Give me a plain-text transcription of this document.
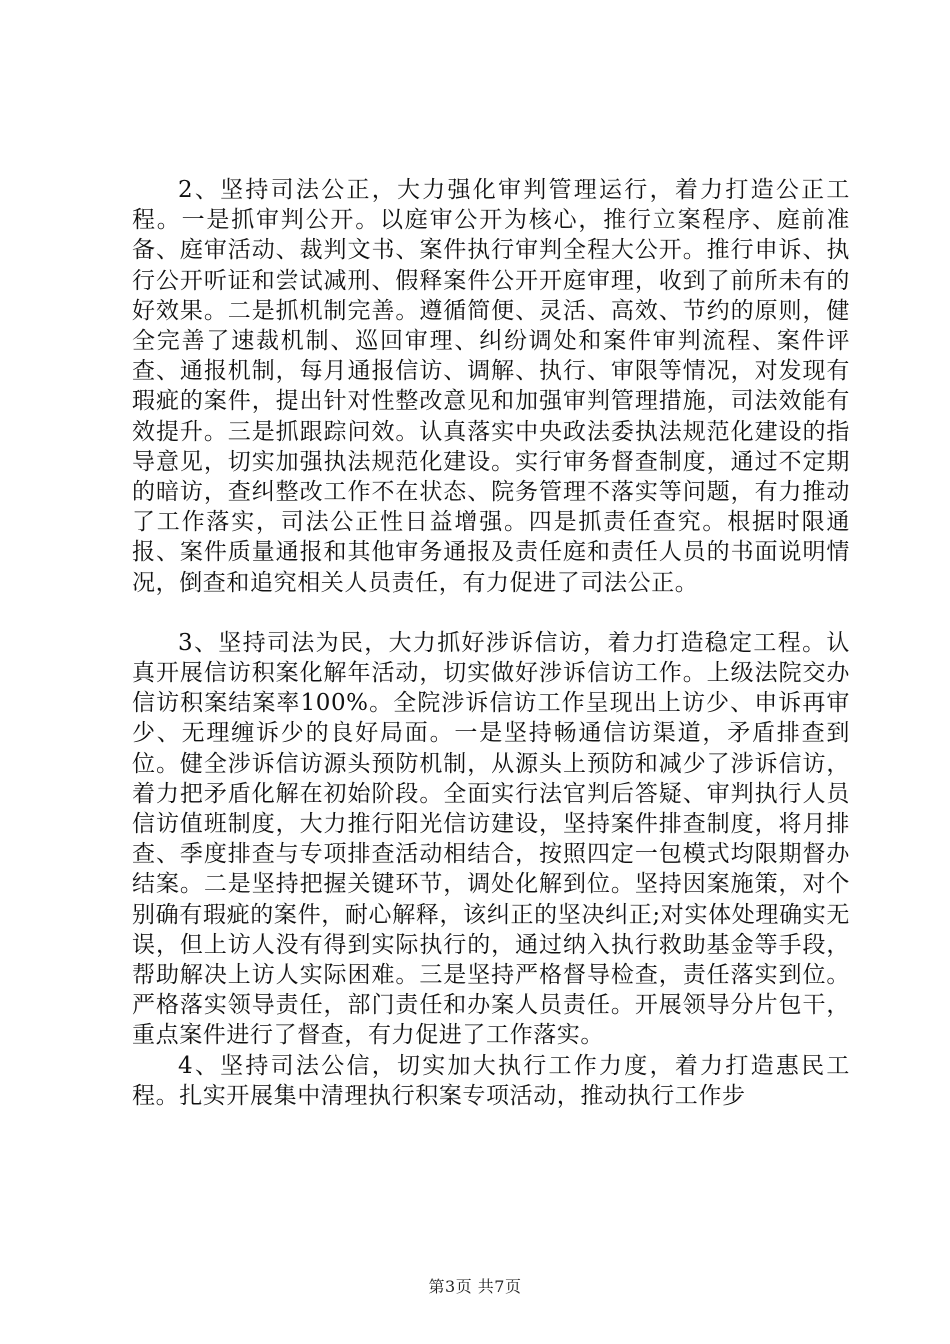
2、坚持司法公正，大力强化审判管理运行，着力打造公正工程。一是抓审判公开。以庭审公开为核心，推行立案程序、庭前准备、庭审活动、裁判文书、案件执行审判全程大公开。推行申诉、执行公开听证和尝试减刑、假释案件公开开庭审理，收到了前所未有的好效果。二是抓机制完善。遵循简便、灵活、高效、节约的原则，健全完善了速裁机制、巡回审理、纠纷调处和案件审判流程、案件评查、通报机制，每月通报信访、调解、执行、审限等情况，对发现有瑕疵的案件，提出针对性整改意见和加强审判管理措施，司法效能有效提升。三是抓跟踪问效。认真落实中央政法委执法规范化建设的指导意见，切实加强执法规范化建设。实行审务督查制度，通过不定期的暗访，查纠整改工作不在状态、院务管理不落实等问题，有力推动了工作落实，司法公正性日益增强。四是抓责任查究。根据时限通报、案件质量通报和其他审务通报及责任庭和责任人员的书面说明情况，倒查和追究相关人员责任，有力促进了司法公正。

3、坚持司法为民，大力抓好涉诉信访，着力打造稳定工程。认真开展信访积案化解年活动，切实做好涉诉信访工作。上级法院交办信访积案结案率100%。全院涉诉信访工作呈现出上访少、申诉再审少、无理缠诉少的良好局面。一是坚持畅通信访渠道，矛盾排查到位。健全涉诉信访源头预防机制，从源头上预防和减少了涉诉信访，着力把矛盾化解在初始阶段。全面实行法官判后答疑、审判执行人员信访值班制度，大力推行阳光信访建设，坚持案件排查制度，将月排查、季度排查与专项排查活动相结合，按照四定一包模式均限期督办结案。二是坚持把握关键环节，调处化解到位。坚持因案施策，对个别确有瑕疵的案件，耐心解释，该纠正的坚决纠正;对实体处理确实无误，但上访人没有得到实际执行的，通过纳入执行救助基金等手段，帮助解决上访人实际困难。三是坚持严格督导检查，责任落实到位。严格落实领导责任，部门责任和办案人员责任。开展领导分片包干，重点案件进行了督查，有力促进了工作落实。

4、坚持司法公信，切实加大执行工作力度，着力打造惠民工程。扎实开展集中清理执行积案专项活动，推动执行工作步

第3页 共7页
